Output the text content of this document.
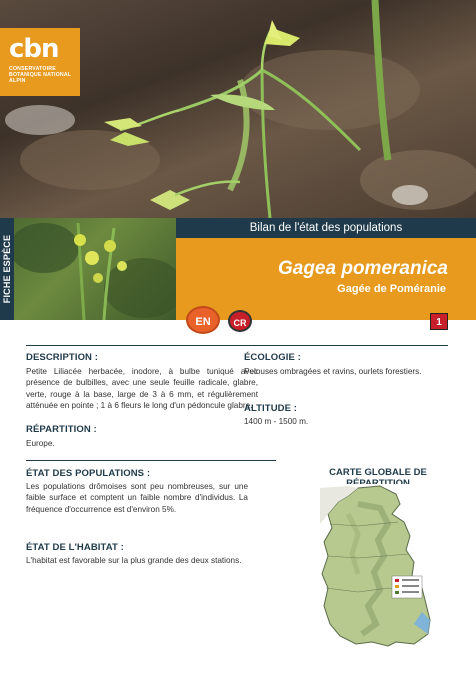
cbn
CONSERVATOIRE
BOTANIQUE NATIONAL
ALPIN
FICHE ESPÈCE
Bilan de l'état des populations
Gagea pomeranica
Gagée de Poméranie
EN	CR	1
DESCRIPTION :
Petite Liliacée herbacée, inodore, à bulbe tuniqué avec présence de bulbilles, avec une seule feuille radicale, glabre, verte, rouge à la base, large de 3 à 6 mm, et régulièrement atténuée en pointe ; 1 à 6 fleurs le long d'un pédoncule glabre.
RÉPARTITION :
Europe.
ÉCOLOGIE :
Pelouses ombragées et ravins, ourlets forestiers.
ALTITUDE :
1400 m - 1500 m.
ÉTAT DES POPULATIONS :
Les populations drômoises sont peu nombreuses, sur une faible surface et comptent un faible nombre d'individus. La fréquence d'occurrence est d'environ 5%.
ÉTAT DE L'HABITAT :
L'habitat est favorable sur la plus grande des deux stations.
CARTE GLOBALE DE
